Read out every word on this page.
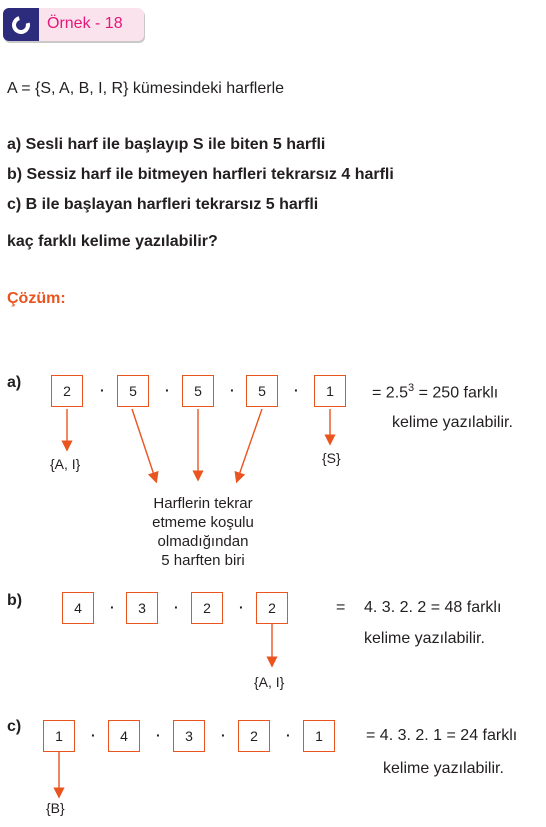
Örnek - 18
A = {S, A, B, I, R} kümesindeki harflerle
a) Sesli harf ile başlayıp S ile biten 5 harfli
b) Sessiz harf ile bitmeyen harfleri tekrarsız 4 harfli
c) B ile başlayan harfleri tekrarsız 5 harfli
kaç farklı kelime yazılabilir?
Çözüm:
a)	2	·	5	·	5	·	5	·	1	= $2.5^3 = 250$ farklı
kelime yazılabilir.
{A, I}	{S}
Harflerin tekrar
etmeme koşulu
olmadığından
5 harften biri
b)	4	·	3	·	2	·	2	= 4. 3. 2. 2 = 48 farklı
kelime yazılabilir.
{A, I}
c)
1	·	4	·	3	·	2	·	1	= 4. 3. 2. 1 = 24 farklı
kelime yazılabilir.
{B}
